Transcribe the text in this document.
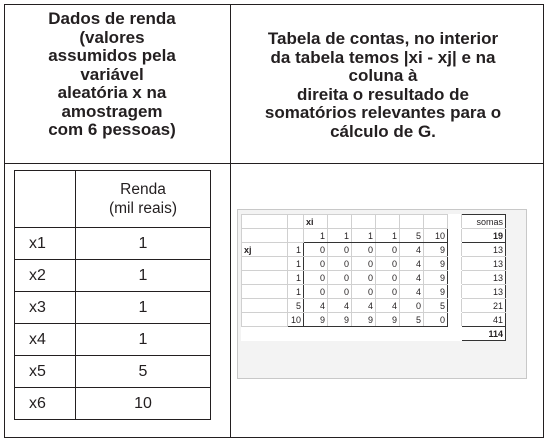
Dados de renda
(valores
assumidos pela
variável
aleatória x na
amostragem
com 6 pessoas)
Tabela de contas, no interior
da tabela temos |xi - xj| e na
coluna à
direita o resultado de
somatórios relevantes para o
cálculo de G.

	Renda
(mil reais)

x1	1
x2	1
x3	1
x4	1
x5	5
x6	10
		xi							somas
		1	1	1	1	5	10		19
xj	1	0	0	0	0	4	9		13
	1	0	0	0	0	4	9		13
	1	0	0	0	0	4	9		13
	1	0	0	0	0	4	9		13
	5	4	4	4	4	0	5		21
	10	9	9	9	9	5	0		41
									114
